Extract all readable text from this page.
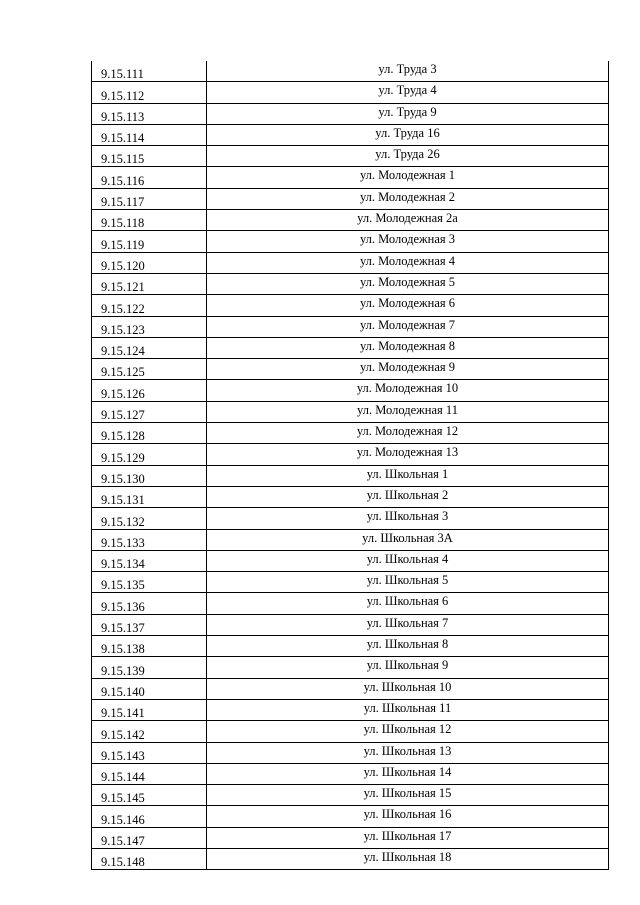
9.15.111	ул. Труда 3
9.15.112	ул. Труда 4
9.15.113	ул. Труда 9
9.15.114	ул. Труда 16
9.15.115	ул. Труда 26
9.15.116	ул. Молодежная 1
9.15.117	ул. Молодежная 2
9.15.118	ул. Молодежная 2а
9.15.119	ул. Молодежная 3
9.15.120	ул. Молодежная 4
9.15.121	ул. Молодежная 5
9.15.122	ул. Молодежная 6
9.15.123	ул. Молодежная 7
9.15.124	ул. Молодежная 8
9.15.125	ул. Молодежная 9
9.15.126	ул. Молодежная 10
9.15.127	ул. Молодежная 11
9.15.128	ул. Молодежная 12
9.15.129	ул. Молодежная 13
9.15.130	ул. Школьная 1
9.15.131	ул. Школьная 2
9.15.132	ул. Школьная 3
9.15.133	ул. Школьная 3А
9.15.134	ул. Школьная 4
9.15.135	ул. Школьная 5
9.15.136	ул. Школьная 6
9.15.137	ул. Школьная 7
9.15.138	ул. Школьная 8
9.15.139	ул. Школьная 9
9.15.140	ул. Школьная 10
9.15.141	ул. Школьная 11
9.15.142	ул. Школьная 12
9.15.143	ул. Школьная 13
9.15.144	ул. Школьная 14
9.15.145	ул. Школьная 15
9.15.146	ул. Школьная 16
9.15.147	ул. Школьная 17
9.15.148	ул. Школьная 18
